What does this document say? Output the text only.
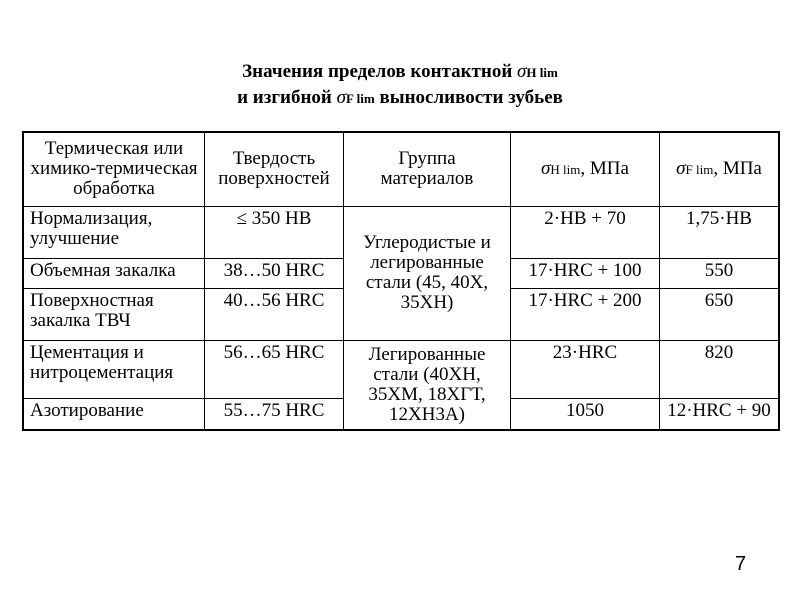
Значения пределов контактной σH lim
и изгибной σF lim выносливости зубьев
Термическая или химико-термическая обработка	Твердость поверхностей	Группа материалов	σH lim, МПа	σF lim, МПа
Нормализация, улучшение	≤ 350 HB	Углеродистые и легированные стали (45, 40Х, 35ХН)	2·HB + 70	1,75·HB
Объемная закалка	38…50 HRC		17·HRC + 100	550
Поверхностная закалка ТВЧ	40…56 HRC		17·HRC + 200	650
Цементация и нитроцементация	56…65 HRC	Легированные стали (40ХН, 35ХМ, 18ХГТ, 12ХН3А)	23·HRC	820
Азотирование	55…75 HRC		1050	12·HRC + 90
7
